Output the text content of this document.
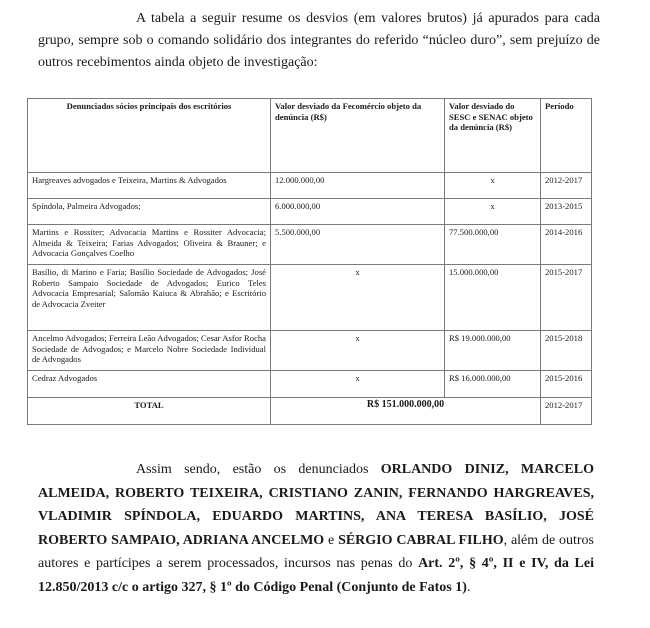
A tabela a seguir resume os desvios (em valores brutos) já apurados para cada grupo, sempre sob o comando solidário dos integrantes do referido “núcleo duro”, sem prejuízo de outros recebimentos ainda objeto de investigação:
Denunciados sócios principais dos escritórios	Valor desviado da Fecomércio objeto da denúncia (R$)	Valor desviado do SESC e SENAC objeto da denúncia (R$)	Período
Hargreaves advogados e Teixeira, Martins & Advogados	12.000.000,00	x	2012-2017
Spíndola, Palmeira Advogados;	6.000.000,00	x	2013-2015
Martins e Rossiter; Advocacia Martins e Rossiter Advocacia; Almeida & Teixeira; Farias Advogados; Oliveira & Brauner; e Advocacia Gonçalves Coelho	5.500.000,00	77.500.000,00	2014-2016
Basílio, di Marino e Faria; Basílio Sociedade de Advogados; José Roberto Sampaio Sociedade de Advogados; Eurico Teles Advocacia Empresarial; Salomão Kaiuca & Abrahão; e Escritório de Advocacia Zveiter	x	15.000.000,00	2015-2017
Ancelmo Advogados; Ferreira Leão Advogados; Cesar Asfor Rocha Sociedade de Advogados; e Marcelo Nobre Sociedade Individual de Advogados	x	R$ 19.000.000,00	2015-2018
Cedraz Advogados	x	R$ 16.000.000,00	2015-2016
TOTAL	R$ 151.000.000,00		2012-2017
Assim sendo, estão os denunciados ORLANDO DINIZ, MARCELO ALMEIDA, ROBERTO TEIXEIRA, CRISTIANO ZANIN, FERNANDO HARGREAVES, VLADIMIR SPÍNDOLA, EDUARDO MARTINS, ANA TERESA BASÍLIO, JOSÉ ROBERTO SAMPAIO, ADRIANA ANCELMO e SÉRGIO CABRAL FILHO, além de outros autores e partícipes a serem processados, incursos nas penas do Art. 2º, § 4º, II e IV, da Lei 12.850/2013 c/c o artigo 327, § 1º do Código Penal (Conjunto de Fatos 1).
